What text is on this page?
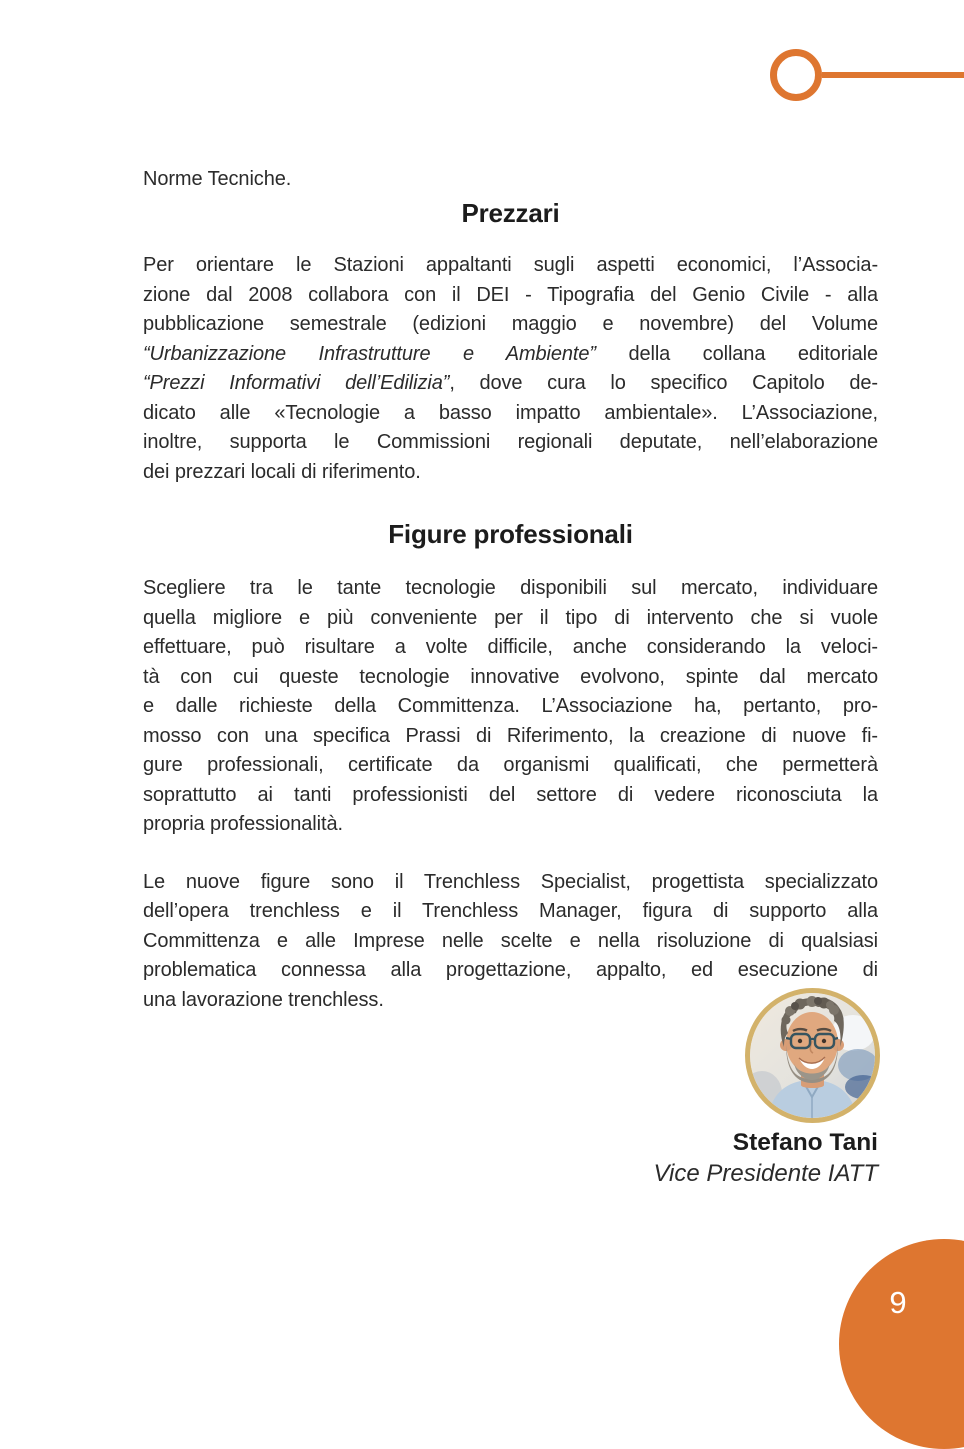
Norme Tecniche.

Prezzari
Per orientare le Stazioni appaltanti sugli aspetti economici, l’Associa-
zione dal 2008 collabora con il DEI - Tipografia del Genio Civile - alla
pubblicazione semestrale (edizioni maggio e novembre) del Volume
“Urbanizzazione Infrastrutture e Ambiente” della collana editoriale
“Prezzi Informativi dell’Edilizia”, dove cura lo specifico Capitolo de-
dicato alle «Tecnologie a basso impatto ambientale». L’Associazione,
inoltre, supporta le Commissioni regionali deputate, nell’elaborazione
dei prezzari locali di riferimento.
Figure professionali
Scegliere tra le tante tecnologie disponibili sul mercato, individuare
quella migliore e più conveniente per il tipo di intervento che si vuole
effettuare, può risultare a volte difficile, anche considerando la veloci-
tà con cui queste tecnologie innovative evolvono, spinte dal mercato
e dalle richieste della Committenza. L’Associazione ha, pertanto, pro-
mosso con una specifica Prassi di Riferimento, la creazione di nuove fi-
gure professionali, certificate da organismi qualificati, che permetterà
soprattutto ai tanti professionisti del settore di vedere riconosciuta la
propria professionalità.
Le nuove figure sono il Trenchless Specialist, progettista specializzato
dell’opera trenchless e il Trenchless Manager, figura di supporto alla
Committenza e alle Imprese nelle scelte e nella risoluzione di qualsiasi
problematica connessa alla progettazione, appalto, ed esecuzione di
una lavorazione trenchless.
Stefano Tani
Vice Presidente IATT
9
